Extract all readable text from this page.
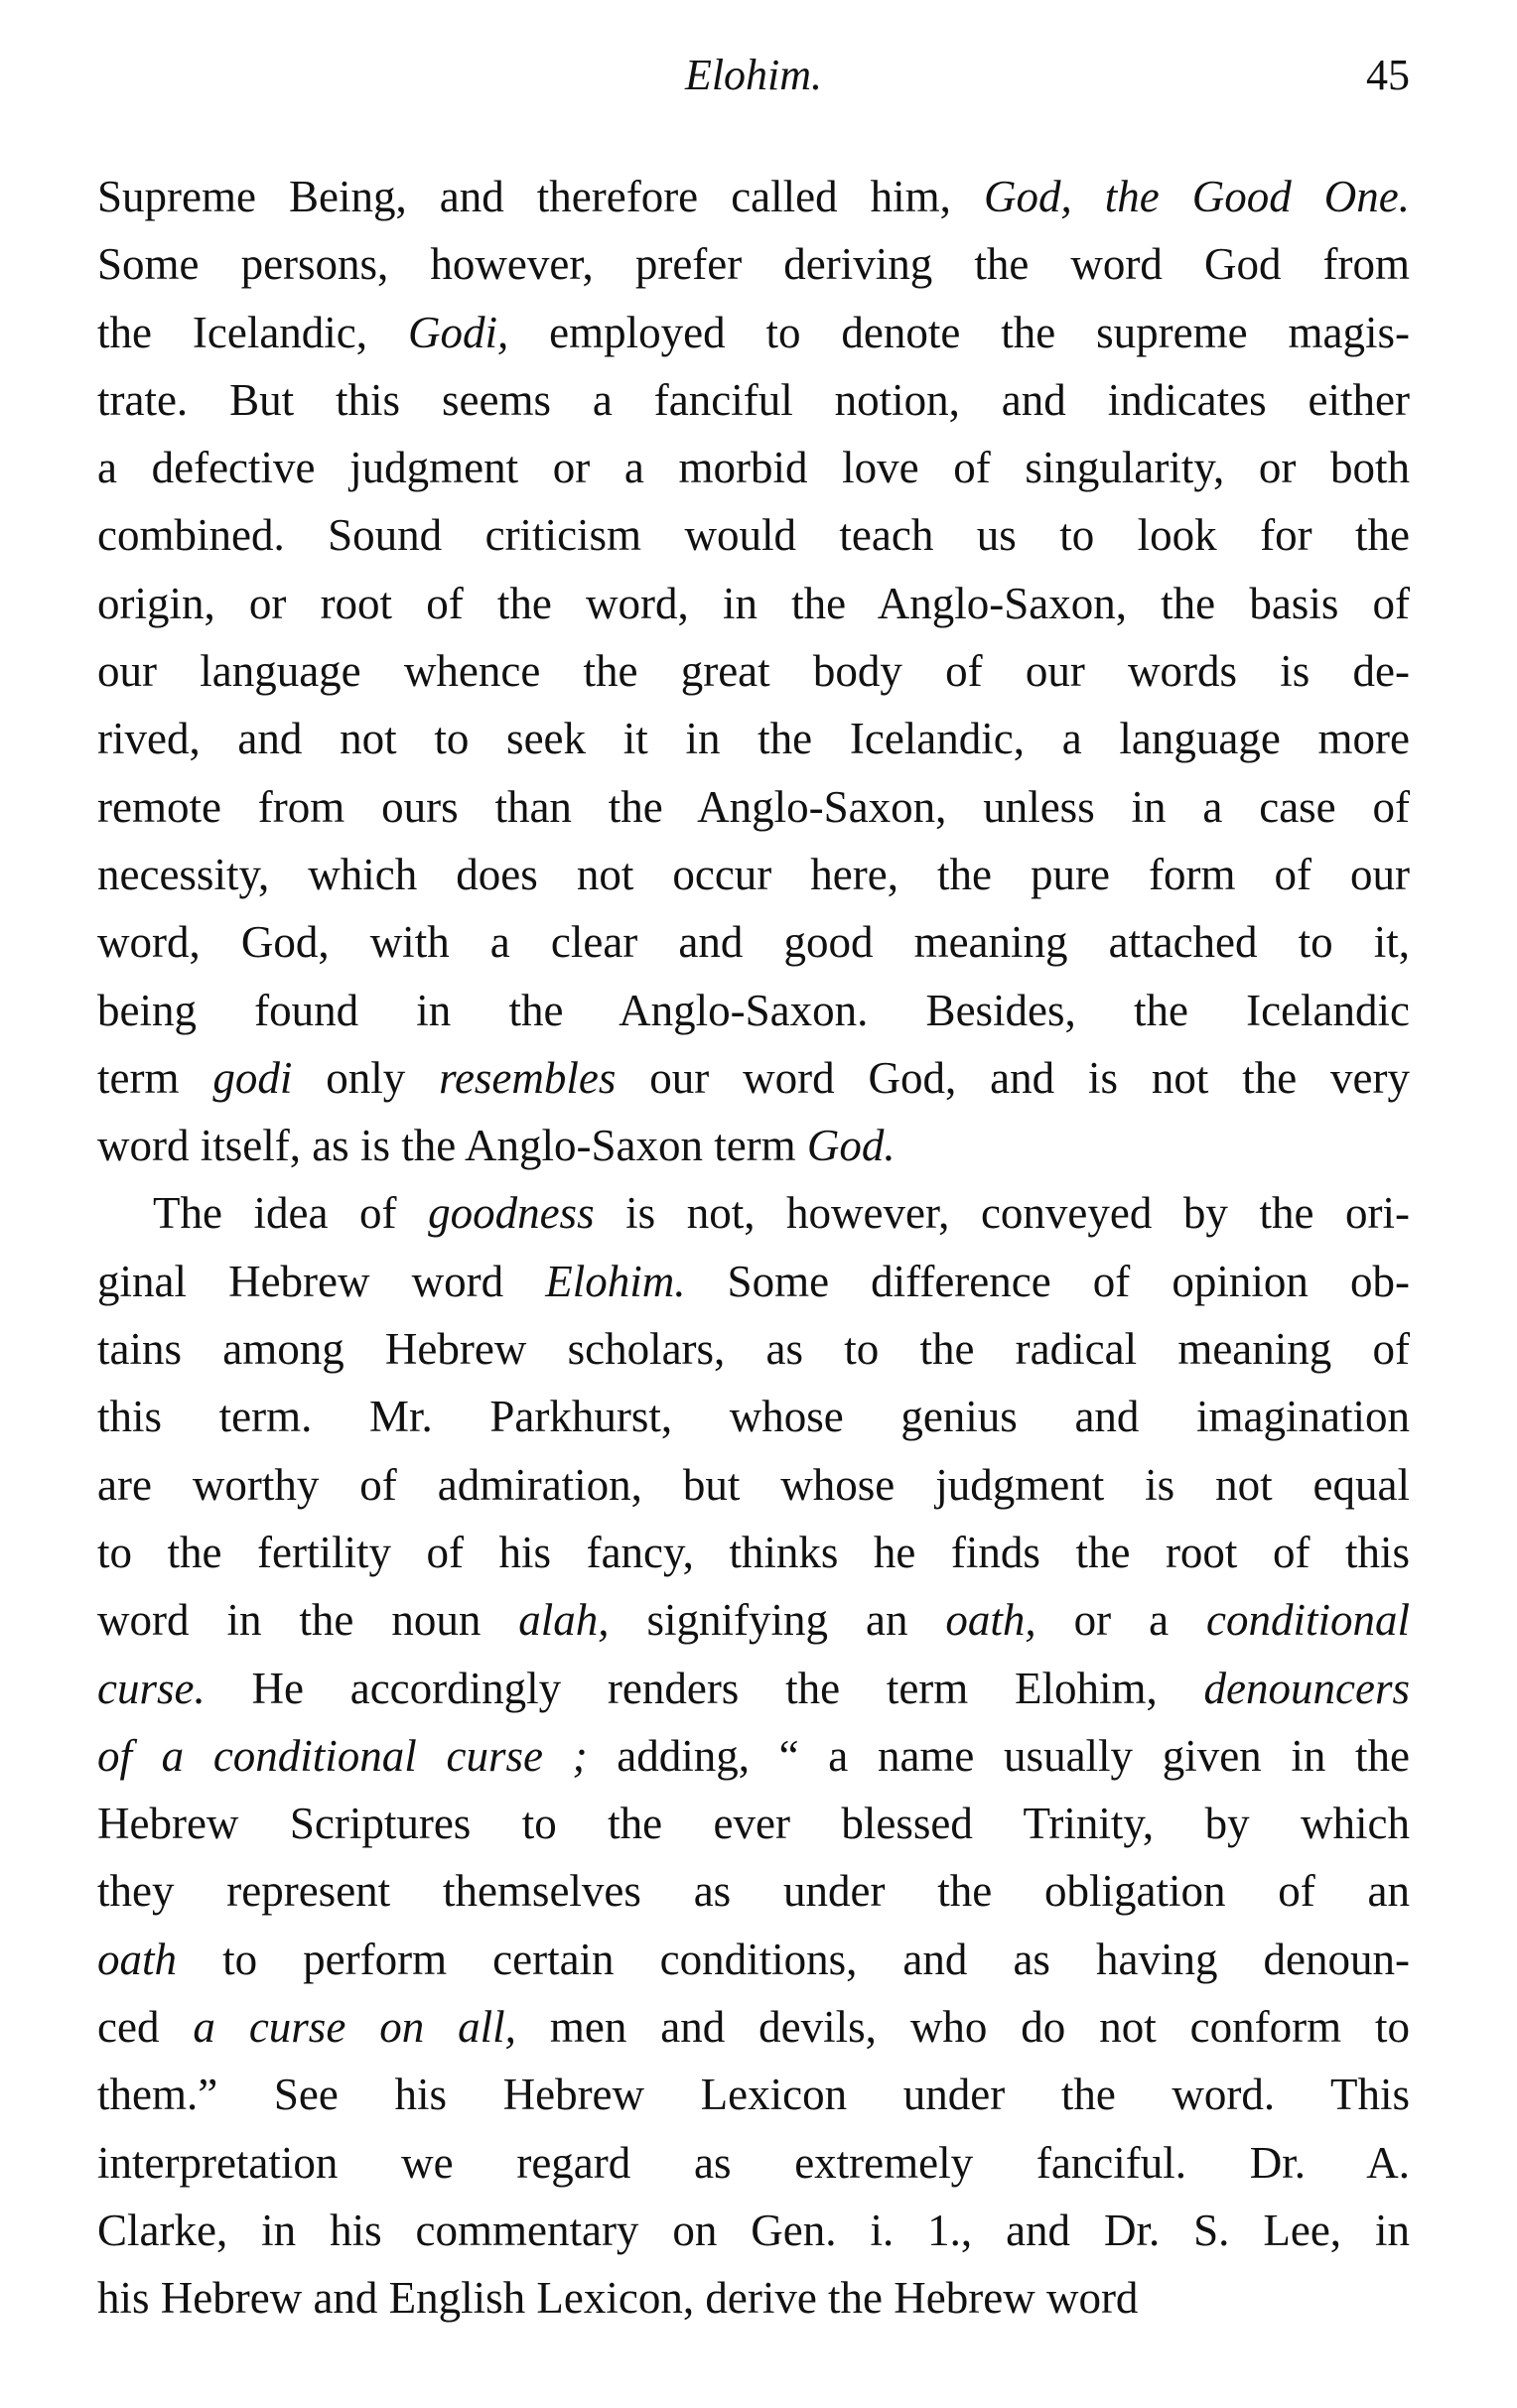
Elohim.	45
Supreme Being, and therefore called him, God, the Good One.
Some persons, however, prefer deriving the word God from
the Icelandic, Godi, employed to denote the supreme magis-
trate. But this seems a fanciful notion, and indicates either
a defective judgment or a morbid love of singularity, or both
combined. Sound criticism would teach us to look for the
origin, or root of the word, in the Anglo-Saxon, the basis of
our language whence the great body of our words is de-
rived, and not to seek it in the Icelandic, a language more
remote from ours than the Anglo-Saxon, unless in a case of
necessity, which does not occur here, the pure form of our
word, God, with a clear and good meaning attached to it,
being found in the Anglo-Saxon. Besides, the Icelandic
term godi only resembles our word God, and is not the very
word itself, as is the Anglo-Saxon term God.
The idea of goodness is not, however, conveyed by the ori-
ginal Hebrew word Elohim. Some difference of opinion ob-
tains among Hebrew scholars, as to the radical meaning of
this term. Mr. Parkhurst, whose genius and imagination
are worthy of admiration, but whose judgment is not equal
to the fertility of his fancy, thinks he finds the root of this
word in the noun alah, signifying an oath, or a conditional
curse. He accordingly renders the term Elohim, denouncers
of a conditional curse ; adding, “ a name usually given in the
Hebrew Scriptures to the ever blessed Trinity, by which
they represent themselves as under the obligation of an
oath to perform certain conditions, and as having denoun-
ced a curse on all, men and devils, who do not conform to
them.” See his Hebrew Lexicon under the word. This
interpretation we regard as extremely fanciful. Dr. A.
Clarke, in his commentary on Gen. i. 1., and Dr. S. Lee, in
his Hebrew and English Lexicon, derive the Hebrew word
